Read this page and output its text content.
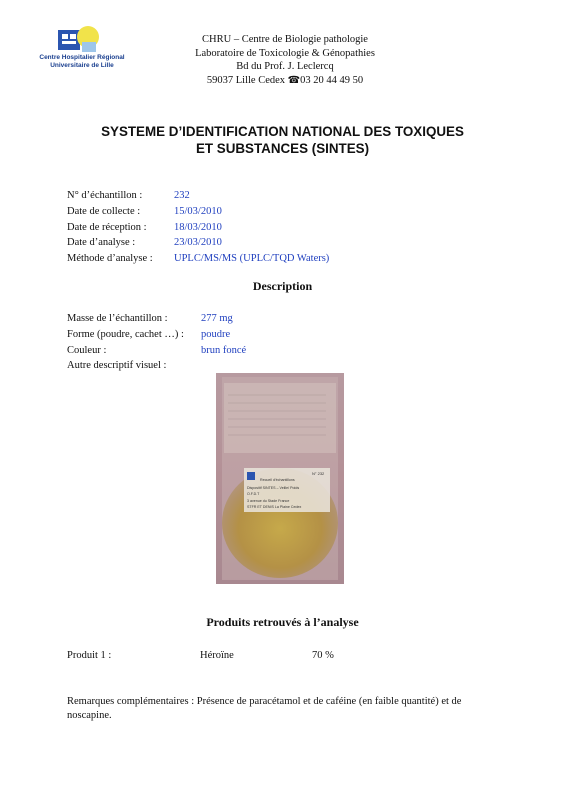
Centre Hospitalier Régional
Universitaire de Lille
CHRU – Centre de Biologie pathologie
Laboratoire de Toxicologie & Génopathies
Bd du Prof. J. Leclercq
59037 Lille Cedex ☎03 20 44 49 50
SYSTEME D’IDENTIFICATION NATIONAL DES TOXIQUES
ET SUBSTANCES (SINTES)
N° d’échantillon :	232
Date de collecte :	15/03/2010
Date de réception :	18/03/2010
Date d’analyse :	23/03/2010
Méthode d’analyse : UPLC/MS/MS (UPLC/TQD Waters)
Description
Masse de l’échantillon :	277 mg
Forme (poudre, cachet …) : poudre
Couleur :	brun foncé
Autre descriptif visuel :
N° 232
Recueil d'échantillons
Dispositif SINTES – Veille/ Poids
O.F.D.T
3 avenue du Stade France
STFR ET DENIS La Plaine Cedex
Produits retrouvés à l’analyse
Produit 1 :	Héroïne	70 %
Remarques complémentaires : Présence de paracétamol et de caféine (en faible quantité) et de noscapine.
